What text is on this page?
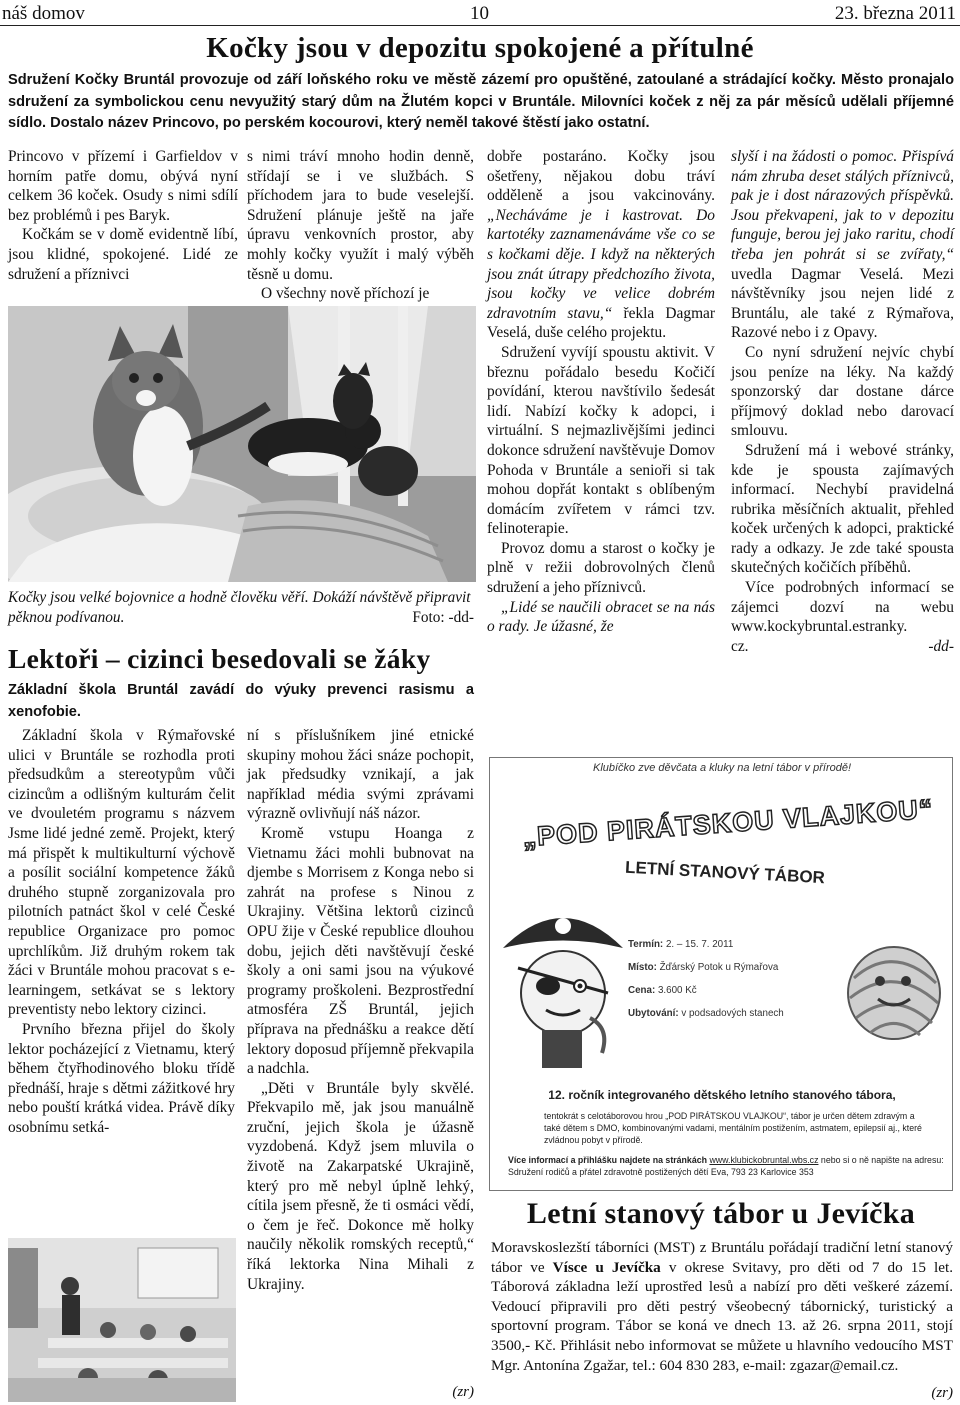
náš domov	10	23. března 2011
Kočky jsou v depozitu spokojené a přítulné
Sdružení Kočky Bruntál provozuje od září loňského roku ve městě zázemí pro opuštěné, zatoulané a strádající kočky. Město pronajalo sdružení za symbolickou cenu nevyužitý starý dům na Žlutém kopci v Bruntále. Milovníci koček z něj za pár měsíců udělali příjemné sídlo. Dostalo název Princovo, po perském kocourovi, který neměl takové štěstí jako ostatní.

Princovo v přízemí i Garfieldov v horním patře domu, obývá nyní celkem 36 koček. Osudy s nimi sdílí bez problémů i pes Baryk.

Kočkám se v domě evidentně líbí, jsou klidné, spokojené. Lidé ze sdružení a příznivci

s nimi tráví mnoho hodin denně, střídají se i ve službách. S příchodem jara to bude veselejší. Sdružení plánuje ještě na jaře úpravu venkovních prostor, aby mohly kočky využít i malý výběh těsně u domu.

O všechny nově příchozí je

Kočky jsou velké bojovnice a hodně člověku věří. Dokáží návštěvě připravit pěknou podívanou.	Foto: -dd-

dobře postaráno. Kočky jsou ošetřeny, nějakou dobu tráví odděleně a jsou vakcinovány. „Necháváme je i kastrovat. Do kartotéky zaznamenáváme vše co se s kočkami děje. I když na některých jsou znát útrapy předchozího života, jsou kočky ve velice dobrém zdravotním stavu,“ řekla Dagmar Veselá, duše celého projektu.

Sdružení vyvíjí spoustu aktivit. V březnu pořádalo besedu Kočičí povídání, kterou navštívilo šedesát lidí. Nabízí kočky k adopci, i virtuální. S nejmazlivějšími jedinci dokonce sdružení navštěvuje Domov Pohoda v Bruntále a senioři si tak mohou dopřát kontakt s oblíbeným domácím zvířetem v rámci tzv. felinoterapie.

Provoz domu a starost o kočky je plně v režii dobrovolných členů sdružení a jeho příznivců.

„Lidé se naučili obracet se na nás o rady. Je úžasné, že

slyší i na žádosti o pomoc. Přispívá nám zhruba deset stálých příznivců, pak je i dost nárazových příspěvků. Jsou překvapeni, jak to v depozitu funguje, berou jej jako raritu, chodí třeba jen pohrát si se zvířaty,“ uvedla Dagmar Veselá. Mezi návštěvníky jsou nejen lidé z Bruntálu, ale také z Rýmařova, Razové nebo i z Opavy.

Co nyní sdružení nejvíc chybí jsou peníze na léky. Na každý sponzorský dar dostane dárce příjmový doklad nebo darovací smlouvu.

Sdružení má i webové stránky, kde je spousta zajímavých informací. Nechybí pravidelná rubrika měsíčních aktualit, přehled koček určených k adopci, praktické rady a odkazy. Je zde také spousta skutečných kočičích příběhů.

Více podrobných informací se zájemci dozví na webu www.kockybruntal.estranky.

cz.	-dd-

Lektoři – cizinci besedovali se žáky
Základní škola Bruntál zavádí do výuky prevenci rasismu a xenofobie.

Základní škola v Rýmařovské ulici v Bruntále se rozhodla proti předsudkům a stereotypům vůči cizincům a odlišným kulturám čelit ve dvouletém programu s názvem Jsme lidé jedné země. Projekt, který má přispět k multikulturní výchově a posílit sociální kompetence žáků druhého stupně zorganizovala pro pilotních patnáct škol v celé České republice Organizace pro pomoc uprchlíkům. Již druhým rokem tak žáci v Bruntále mohou pracovat s e-learningem, setkávat se s lektory preventisty nebo lektory cizinci.

Prvního března přijel do školy lektor pocházející z Vietnamu, který během čtyřhodinového bloku třídě přednáší, hraje s dětmi zážitkové hry nebo pouští krátká videa. Právě díky osobnímu setká-

ní s příslušníkem jiné etnické skupiny mohou žáci snáze pochopit, jak předsudky vznikají, a jak například média svými zprávami výrazně ovlivňují náš názor.

Kromě vstupu Hoanga z Vietnamu žáci mohli bubnovat na djembe s Morrisem z Konga nebo si zahrát na profese s Ninou z Ukrajiny. Většina lektorů cizinců OPU žije v České republice dlouhou dobu, jejich děti navštěvují české školy a oni sami jsou na výukové programy proškoleni. Bezprostřední atmosféra ZŠ Bruntál, jejich příprava na přednášku a reakce dětí lektory doposud příjemně překvapila a nadchla.

„Děti v Bruntále byly skvělé. Překvapilo mě, jak jsou manuálně zruční, jejich škola je úžasně vyzdobená. Když jsem mluvila o životě na Zakarpatské Ukrajině, který pro mě nebyl úplně lehký, cítila jsem přesně, že ti osmáci vědí, o čem je řeč. Dokonce mě holky naučily několik romských receptů,“ říká lektorka Nina Mihali z Ukrajiny.

(zr)
Klubíčko zve děvčata a kluky na letní tábor v přírodě!
„POD PIRÁTSKOU VLAJKOU“
LETNÍ STANOVÝ TÁBOR
Termín: 2. – 15. 7. 2011
Místo: Žďárský Potok u Rýmařova
Cena: 3.600 Kč
Ubytování: v podsadových stanech
12. ročník integrovaného dětského letního stanového tábora,
tentokrát s celotáborovou hrou „POD PIRÁTSKOU VLAJKOU“, tábor je určen dětem zdravým a také dětem s DMO, kombinovanými vadami, mentálním postižením, astmatem, epilepsií aj., které zvládnou pobyt v přírodě.
Více informací a přihlášku najdete na stránkách www.klubickobruntal.wbs.cz nebo si o ně napište na adresu: Sdružení rodičů a přátel zdravotně postižených dětí Eva, 793 23 Karlovice 353
Letní stanový tábor u Jevíčka

Moravskoslezští táborníci (MST) z Bruntálu pořádají tradiční letní stanový tábor ve Vísce u Jevíčka v okrese Svitavy, pro děti od 7 do 15 let. Táborová základna leží uprostřed lesů a nabízí pro děti veškeré zázemí. Vedoucí připravili pro děti pestrý všeobecný tábornický, turistický a sportovní program. Tábor se koná ve dnech 13. až 26. srpna 2011, stojí 3500,- Kč. Přihlásit nebo informovat se můžete u hlavního vedoucího MST Mgr. Antonína Zgažar, tel.: 604 830 283, e-mail: zgazar@email.cz.

(zr)
